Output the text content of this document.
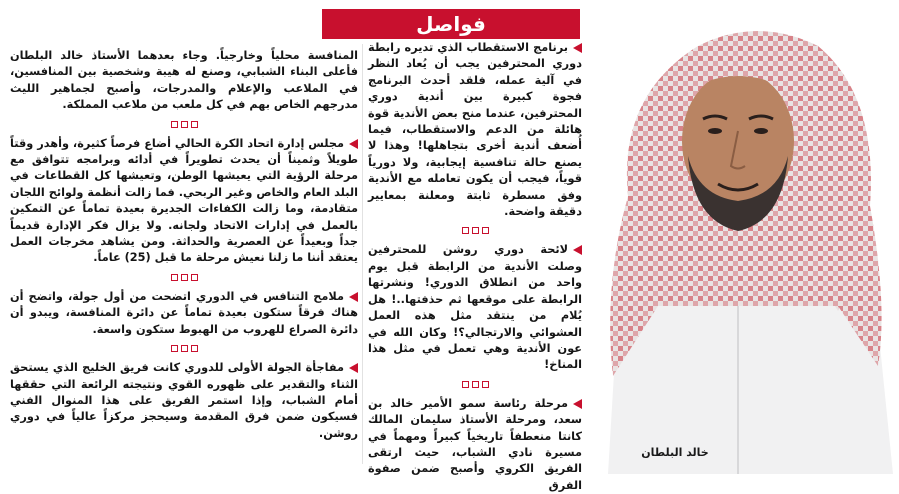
فواصل
خالد البلطان

برنامج الاستقطاب الذي تديره رابطة دوري المحترفين يجب أن يُعاد النظر في آلية عمله، فلقد أحدث البرنامج فجوة كبيرة بين أندية دوري المحترفين، عندما منح بعض الأندية قوة هائلة من الدعم والاستقطاب، فيما أُضعف أندية أخرى بتجاهلها! وهذا لا يصنع حالة تنافسية إيجابية، ولا دورياً قوياً، فيجب أن يكون تعامله مع الأندية وفق مسطرة ثابتة ومعلنة بمعايير دقيقة واضحة.

لائحة دوري روشن للمحترفين وصلت الأندية من الرابطة قبل يوم واحد من انطلاق الدوري! ونشرتها الرابطة على موقعها ثم حذفتها..! هل يُلام من ينتقد مثل هذه العمل العشوائي والارتجالي؟! وكان الله في عون الأندية وهي تعمل في مثل هذا المناخ!

مرحلة رئاسة سمو الأمير خالد بن سعد، ومرحلة الأستاذ سليمان المالك كانتا منعطفاً تاريخياً كبيراً ومهماً في مسيرة نادي الشباب، حيث ارتقى الفريق الكروي وأصبح ضمن صفوة الفرق

المنافسة محلياً وخارجياً. وجاء بعدهما الأستاذ خالد البلطان فأعلى البناء الشبابي، وصنع له هيبة وشخصية بين المنافسين، في الملاعب والإعلام والمدرجات، وأصبح لجماهير الليث مدرجهم الخاص بهم في كل ملعب من ملاعب المملكة.

مجلس إدارة اتحاد الكرة الحالي أضاع فرصاً كثيرة، وأهدر وقتاً طويلاً وثميناً أن يحدث تطويراً في أدائه وبرامجه تتوافق مع مرحلة الرؤية التي يعيشها الوطن، وتعيشها كل القطاعات في البلد العام والخاص وغير الربحي. فما زالت أنظمة ولوائح اللجان متقادمة، وما زالت الكفاءات الجديرة بعيدة تماماً عن التمكين بالعمل في إدارات الاتحاد ولجانه. ولا يزال فكر الإدارة قديماً جداً وبعيداً عن العصرية والحداثة. ومن يشاهد مخرجات العمل يعتقد أننا ما زلنا نعيش مرحلة ما قبل (25) عاماً.

ملامح التنافس في الدوري اتضحت من أول جولة، واتضح أن هناك فرقاً ستكون بعيدة تماماً عن دائرة المنافسة، ويبدو أن دائرة الصراع للهروب من الهبوط ستكون واسعة.

مفاجأة الجولة الأولى للدوري كانت فريق الخليج الذي يستحق الثناء والتقدير على ظهوره القوي ونتيجته الرائعة التي حققها أمام الشباب، وإذا استمر الفريق على هذا المنوال الفني فسيكون ضمن فرق المقدمة وسيحجز مركزاً عالياً في دوري روشن.
